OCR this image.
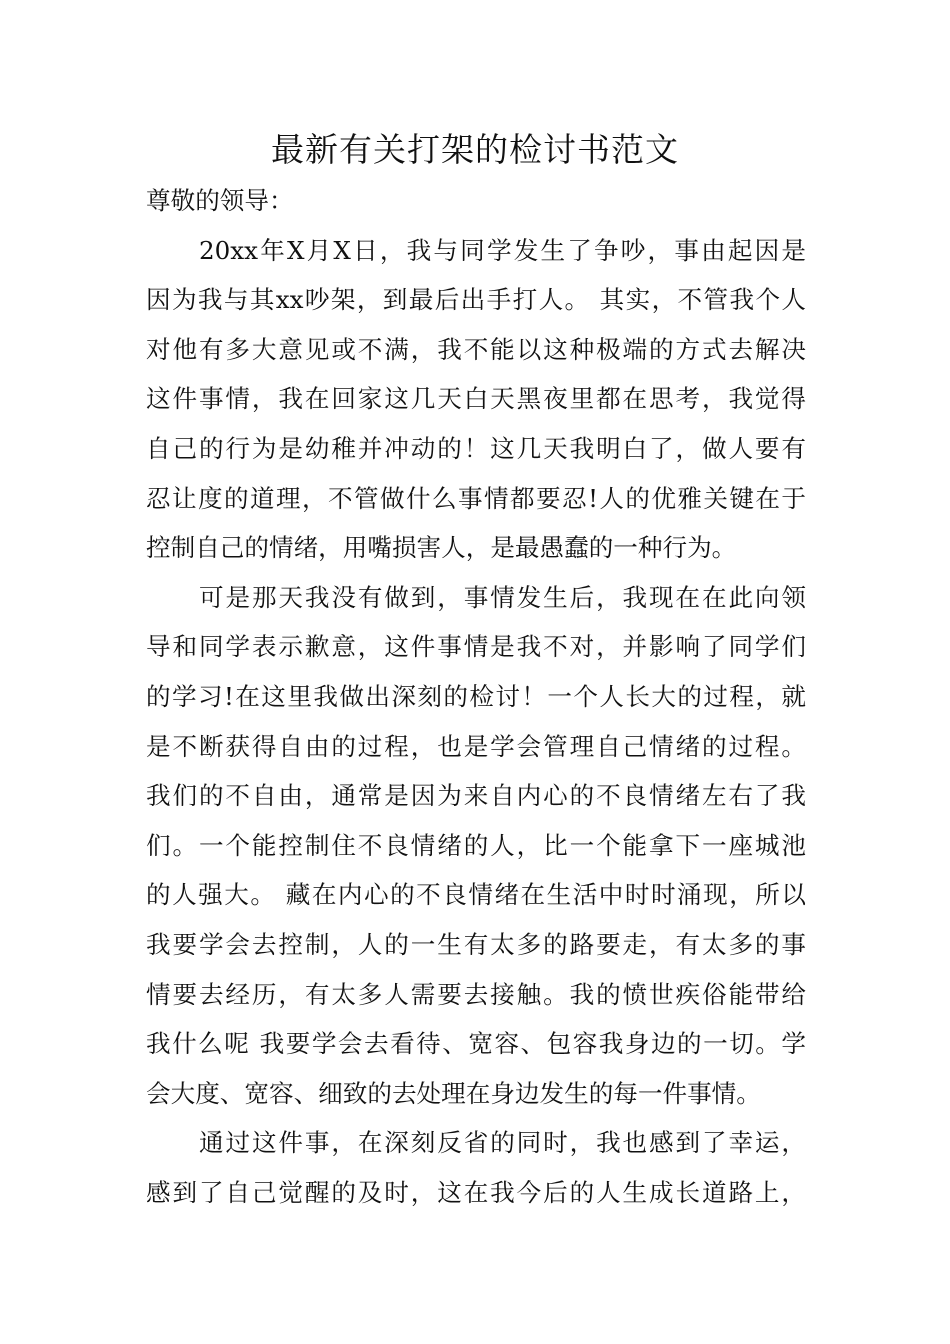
最新有关打架的检讨书范文

尊敬的领导：

20xx年X月X日，我与同学发生了争吵，事由起因是
因为我与其xx吵架，到最后出手打人。 其实，不管我个人
对他有多大意见或不满，我不能以这种极端的方式去解决
这件事情，我在回家这几天白天黑夜里都在思考，我觉得
自己的行为是幼稚并冲动的！这几天我明白了，做人要有
忍让度的道理，不管做什么事情都要忍!人的优雅关键在于
控制自己的情绪，用嘴损害人，是最愚蠢的一种行为。

可是那天我没有做到，事情发生后，我现在在此向领
导和同学表示歉意，这件事情是我不对，并影响了同学们
的学习!在这里我做出深刻的检讨！一个人长大的过程，就
是不断获得自由的过程，也是学会管理自己情绪的过程。
我们的不自由，通常是因为来自内心的不良情绪左右了我
们。一个能控制住不良情绪的人，比一个能拿下一座城池
的人强大。 藏在内心的不良情绪在生活中时时涌现，所以
我要学会去控制，人的一生有太多的路要走，有太多的事
情要去经历，有太多人需要去接触。我的愤世疾俗能带给
我什么呢 我要学会去看待、宽容、包容我身边的一切。学
会大度、宽容、细致的去处理在身边发生的每一件事情。

通过这件事，在深刻反省的同时，我也感到了幸运，
感到了自己觉醒的及时，这在我今后的人生成长道路上，
